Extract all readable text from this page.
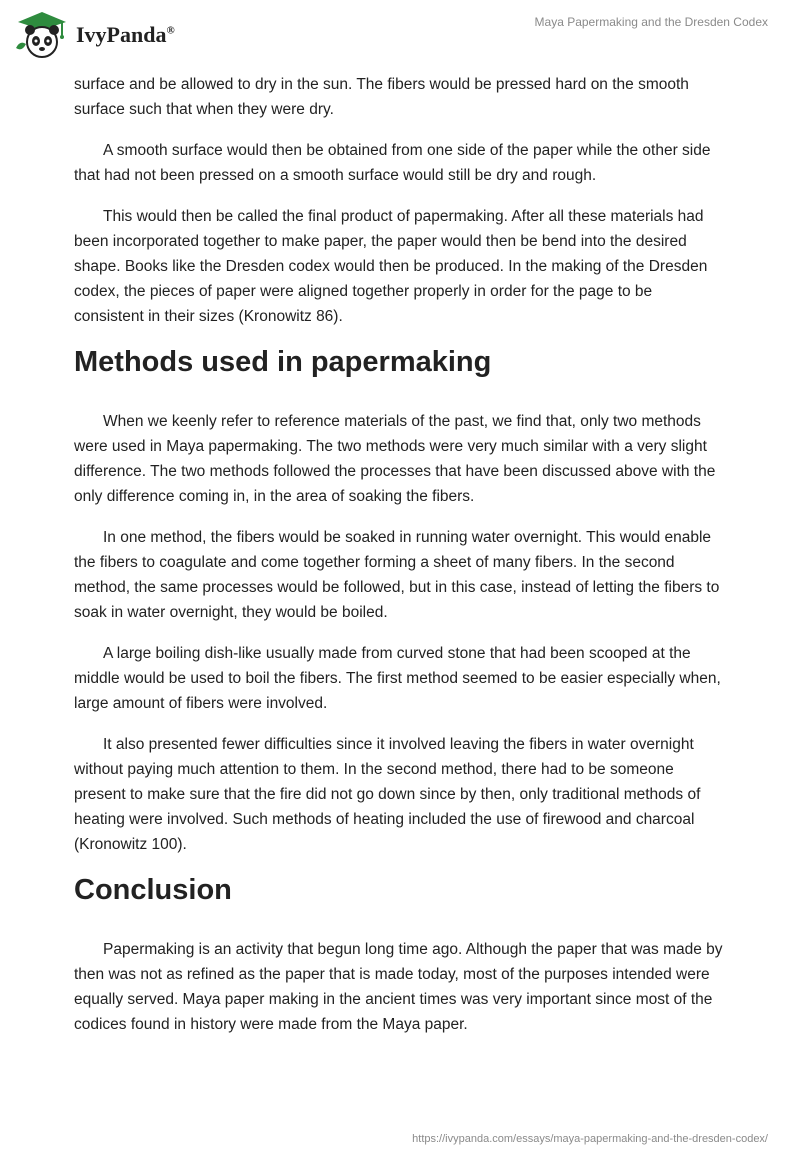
IvyPanda®
Maya Papermaking and the Dresden Codex

surface and be allowed to dry in the sun. The fibers would be pressed hard on the smooth surface such that when they were dry.

A smooth surface would then be obtained from one side of the paper while the other side that had not been pressed on a smooth surface would still be dry and rough.

This would then be called the final product of papermaking. After all these materials had been incorporated together to make paper, the paper would then be bend into the desired shape. Books like the Dresden codex would then be produced. In the making of the Dresden codex, the pieces of paper were aligned together properly in order for the page to be consistent in their sizes (Kronowitz 86).

Methods used in papermaking

When we keenly refer to reference materials of the past, we find that, only two methods were used in Maya papermaking. The two methods were very much similar with a very slight difference. The two methods followed the processes that have been discussed above with the only difference coming in, in the area of soaking the fibers.

In one method, the fibers would be soaked in running water overnight. This would enable the fibers to coagulate and come together forming a sheet of many fibers. In the second method, the same processes would be followed, but in this case, instead of letting the fibers to soak in water overnight, they would be boiled.

A large boiling dish-like usually made from curved stone that had been scooped at the middle would be used to boil the fibers. The first method seemed to be easier especially when, large amount of fibers were involved.

It also presented fewer difficulties since it involved leaving the fibers in water overnight without paying much attention to them. In the second method, there had to be someone present to make sure that the fire did not go down since by then, only traditional methods of heating were involved. Such methods of heating included the use of firewood and charcoal (Kronowitz 100).

Conclusion

Papermaking is an activity that begun long time ago. Although the paper that was made by then was not as refined as the paper that is made today, most of the purposes intended were equally served. Maya paper making in the ancient times was very important since most of the codices found in history were made from the Maya paper.

https://ivypanda.com/essays/maya-papermaking-and-the-dresden-codex/
